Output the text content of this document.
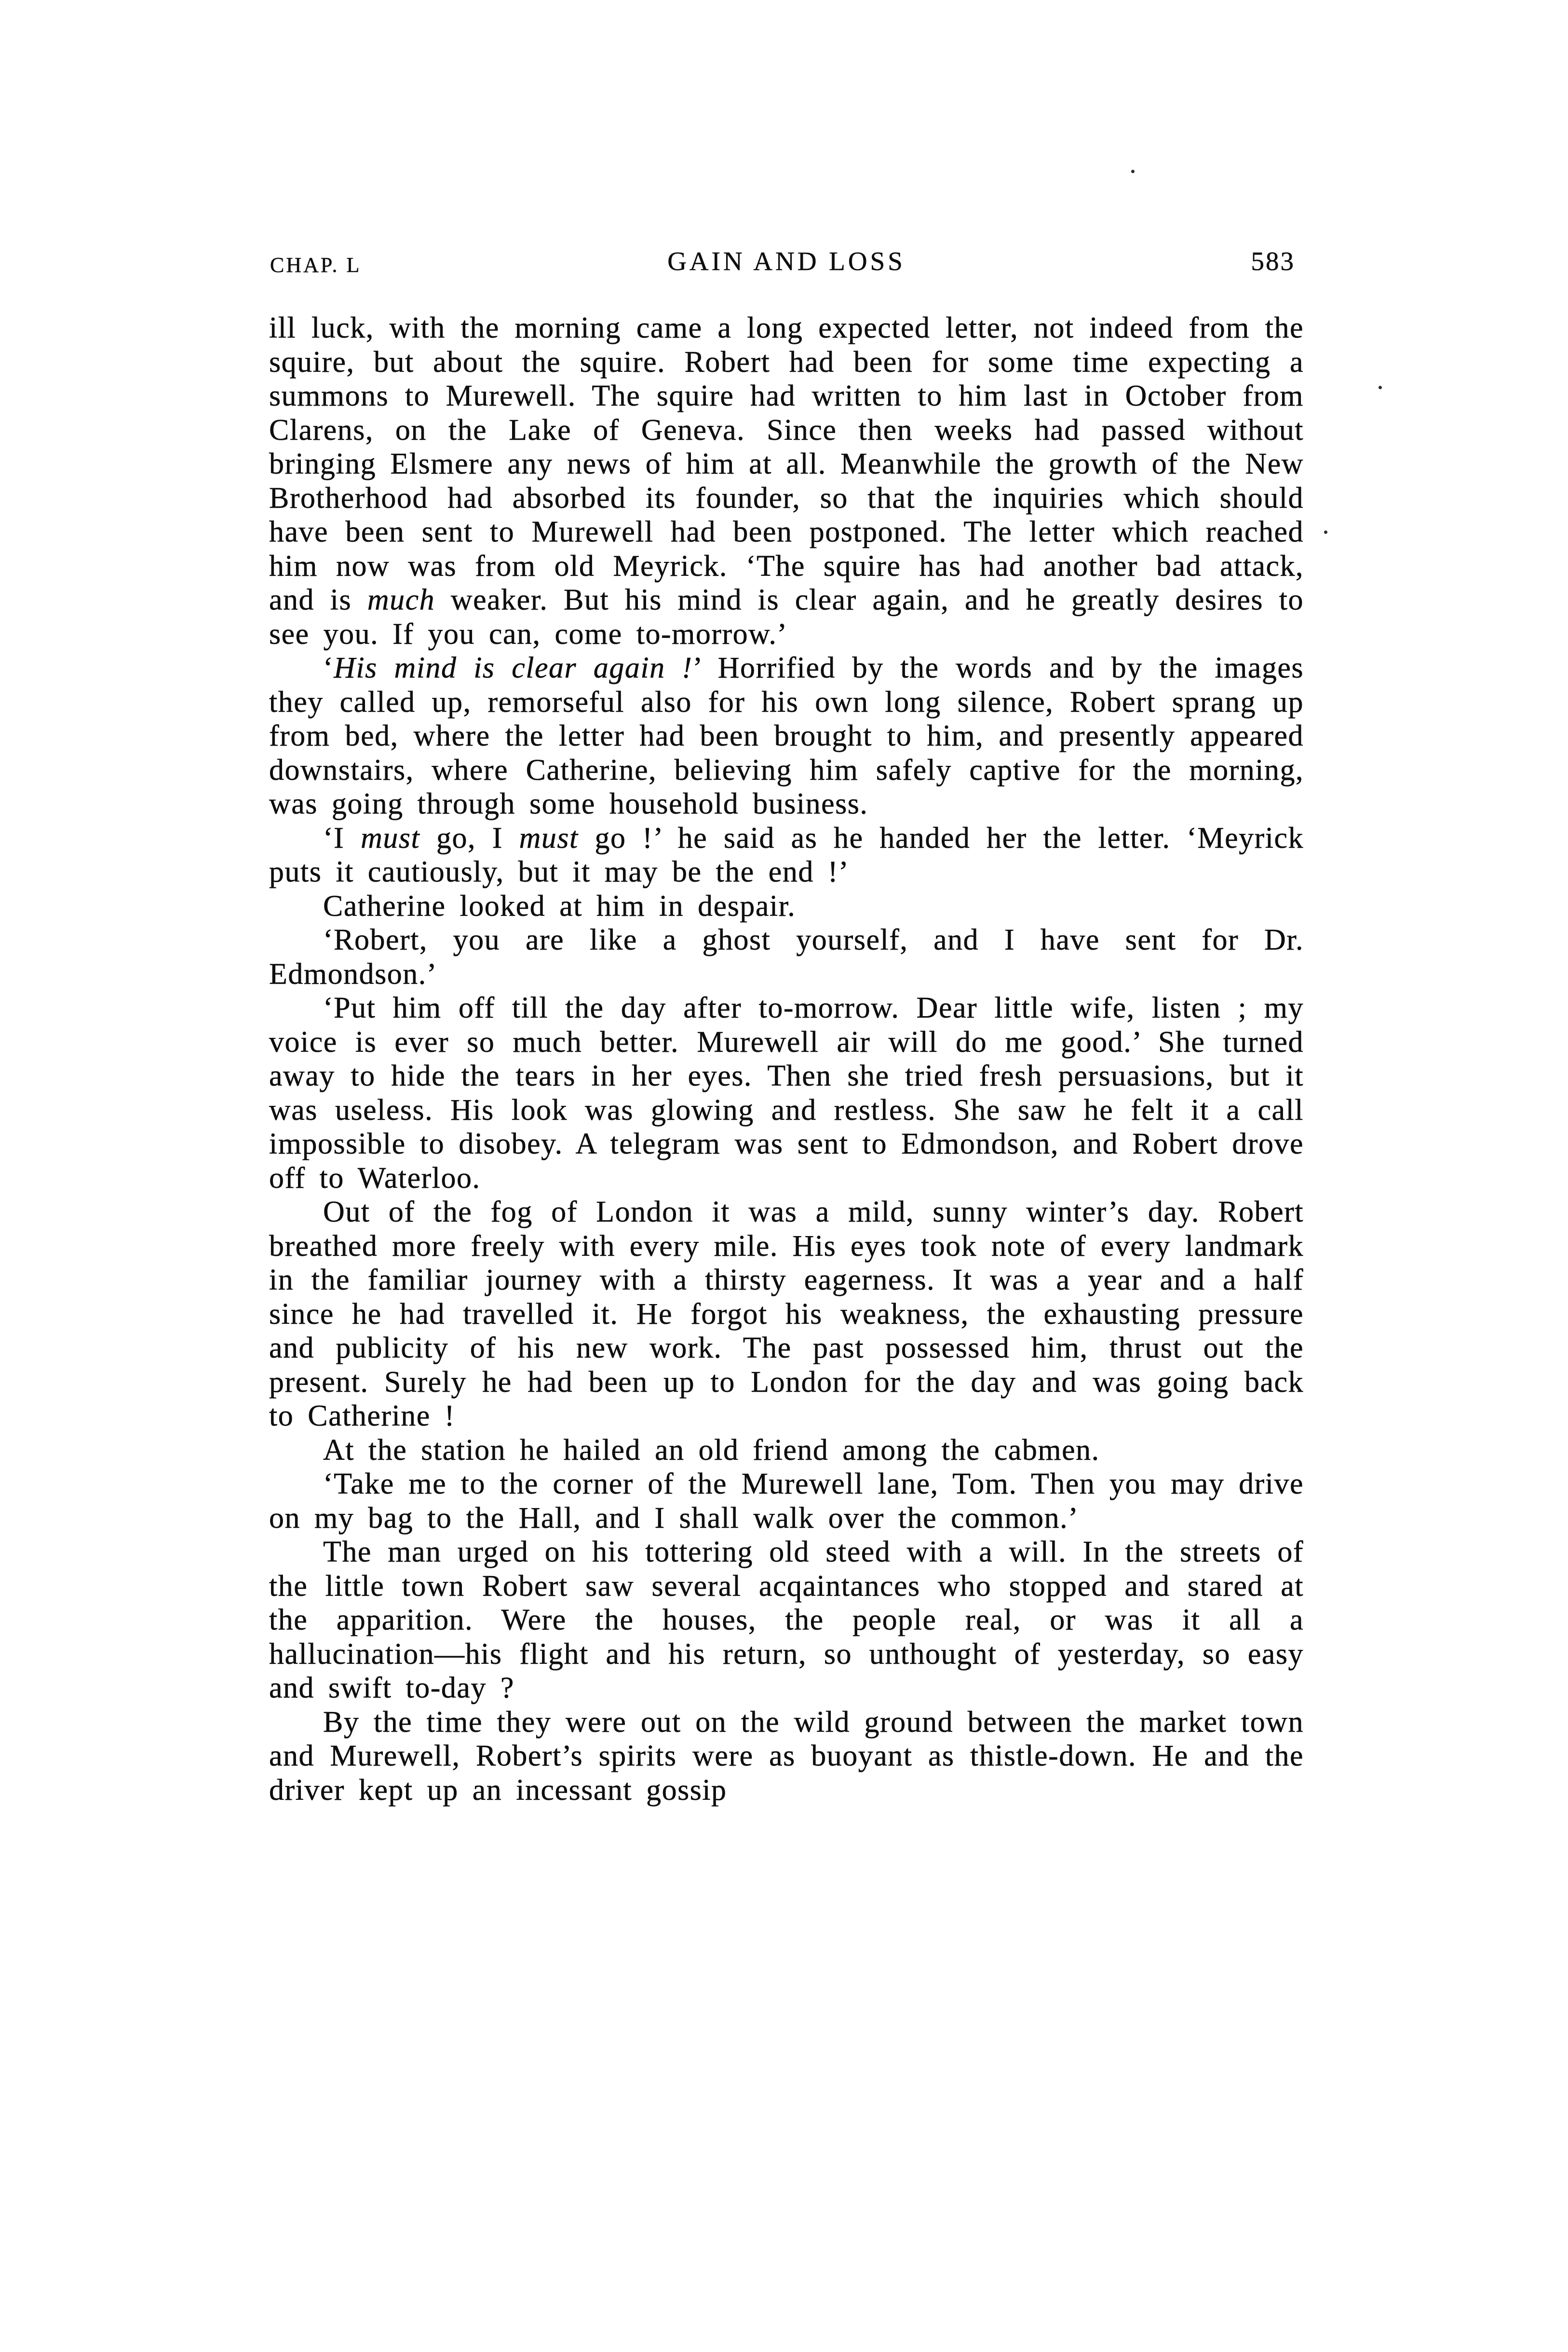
CHAP. L	GAIN AND LOSS	583

ill luck, with the morning came a long expected letter, not indeed from the squire, but about the squire. Robert had been for some time expecting a summons to Murewell. The squire had written to him last in October from Clarens, on the Lake of Geneva. Since then weeks had passed without bringing Elsmere any news of him at all. Meanwhile the growth of the New Brotherhood had absorbed its founder, so that the inquiries which should have been sent to Murewell had been postponed. The letter which reached him now was from old Meyrick. ‘The squire has had another bad attack, and is much weaker. But his mind is clear again, and he greatly desires to see you. If you can, come to-morrow.’

‘His mind is clear again !’ Horrified by the words and by the images they called up, remorseful also for his own long silence, Robert sprang up from bed, where the letter had been brought to him, and presently appeared downstairs, where Catherine, believing him safely captive for the morning, was going through some household business.

‘I must go, I must go !’ he said as he handed her the letter. ‘Meyrick puts it cautiously, but it may be the end !’

Catherine looked at him in despair.

‘Robert, you are like a ghost yourself, and I have sent for Dr. Edmondson.’

‘Put him off till the day after to-morrow. Dear little wife, listen ; my voice is ever so much better. Murewell air will do me good.’ She turned away to hide the tears in her eyes. Then she tried fresh persuasions, but it was useless. His look was glowing and restless. She saw he felt it a call impossible to disobey. A telegram was sent to Edmondson, and Robert drove off to Waterloo.

Out of the fog of London it was a mild, sunny winter’s day. Robert breathed more freely with every mile. His eyes took note of every landmark in the familiar journey with a thirsty eagerness. It was a year and a half since he had travelled it. He forgot his weakness, the exhausting pressure and publicity of his new work. The past possessed him, thrust out the present. Surely he had been up to London for the day and was going back to Catherine !

At the station he hailed an old friend among the cabmen.

‘Take me to the corner of the Murewell lane, Tom. Then you may drive on my bag to the Hall, and I shall walk over the common.’

The man urged on his tottering old steed with a will. In the streets of the little town Robert saw several acqaintances who stopped and stared at the apparition. Were the houses, the people real, or was it all a hallucination—his flight and his return, so unthought of yesterday, so easy and swift to-day ?

By the time they were out on the wild ground between the market town and Murewell, Robert’s spirits were as buoyant as thistle-down. He and the driver kept up an incessant gossip
